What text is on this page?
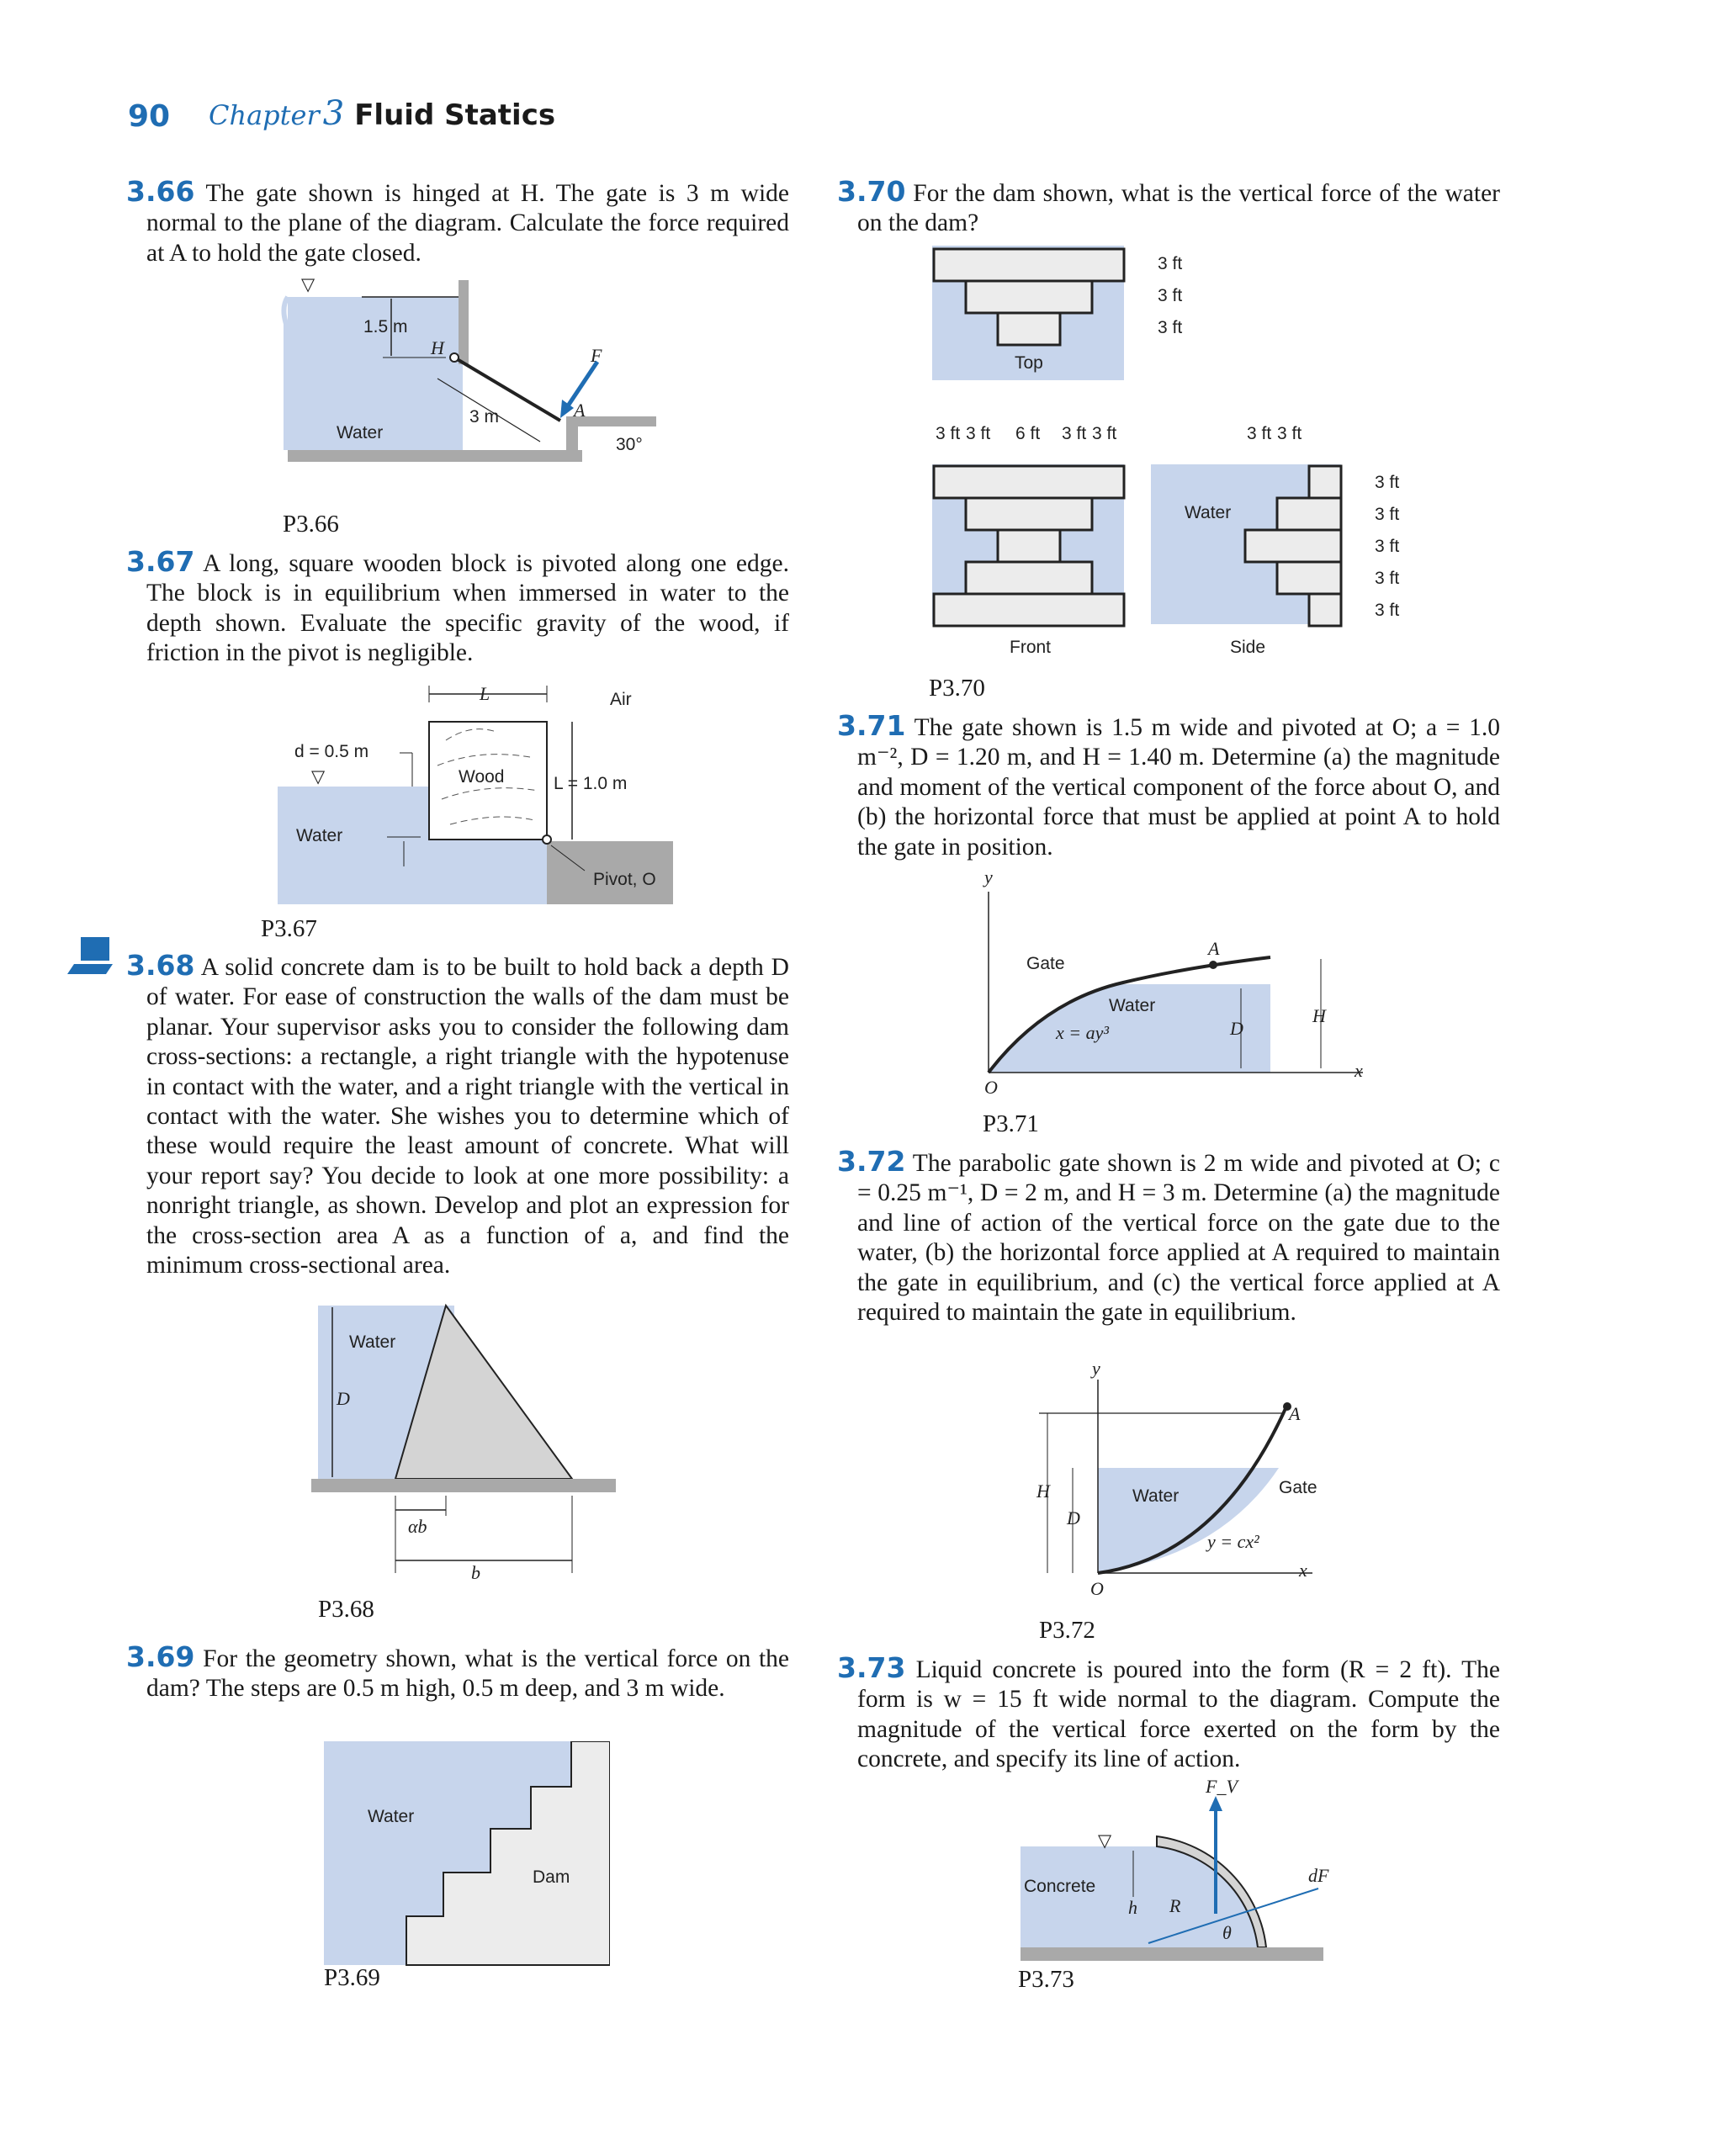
90 Chapter 3 Fluid Statics
3.66 The gate shown is hinged at H. The gate is 3 m wide normal to the plane of the diagram. Calculate the force required at A to hold the gate closed.
▽
1.5 m
H	F
3 m	A
Water
30°
P3.66
3.67 A long, square wooden block is pivoted along one edge. The block is in equilibrium when immersed in water to the depth shown. Evaluate the specific gravity of the wood, if friction in the pivot is negligible.
L	Air
d = 0.5 m
▽	Wood	L = 1.0 m
Water
Pivot, O
P3.67
3.68 A solid concrete dam is to be built to hold back a depth D of water. For ease of construction the walls of the dam must be planar. Your supervisor asks you to consider the following dam cross-sections: a rectangle, a right triangle with the hypotenuse in contact with the water, and a right triangle with the vertical in contact with the water. She wishes you to determine which of these would require the least amount of concrete. What will your report say? You decide to look at one more possibility: a nonright triangle, as shown. Develop and plot an expression for the cross-section area A as a function of a, and find the minimum cross-sectional area.
Water
D
αb
b
P3.68
3.69 For the geometry shown, what is the vertical force on the dam? The steps are 0.5 m high, 0.5 m deep, and 3 m wide.
Water
Dam
P3.69
3.70 For the dam shown, what is the vertical force of the water on the dam?
3 ft
3 ft
3 ft
Top
3 ft 3 ft 6 ft 3 ft 3 ft	3 ft 3 ft
Front
Water
3 ft
3 ft
3 ft
3 ft
3 ft
Side
P3.70
3.71 The gate shown is 1.5 m wide and pivoted at O; a = 1.0 m⁻², D = 1.20 m, and H = 1.40 m. Determine (a) the magnitude and moment of the vertical component of the force about O, and (b) the horizontal force that must be applied at point A to hold the gate in position.
y
Gate
A
Water
x = ay³	D
H
x
O
P3.71
3.72 The parabolic gate shown is 2 m wide and pivoted at O; c = 0.25 m⁻¹, D = 2 m, and H = 3 m. Determine (a) the magnitude and line of action of the vertical force on the gate due to the water, (b) the horizontal force applied at A required to maintain the gate in equilibrium, and (c) the vertical force applied at A required to maintain the gate in equilibrium.
y
A
H	Water	Gate
D
y = cx²
x
O
P3.72
3.73 Liquid concrete is poured into the form (R = 2 ft). The form is w = 15 ft wide normal to the diagram. Compute the magnitude of the vertical force exerted on the form by the concrete, and specify its line of action.
F_V
Concrete
▽
h R
dF
θ
P3.73
